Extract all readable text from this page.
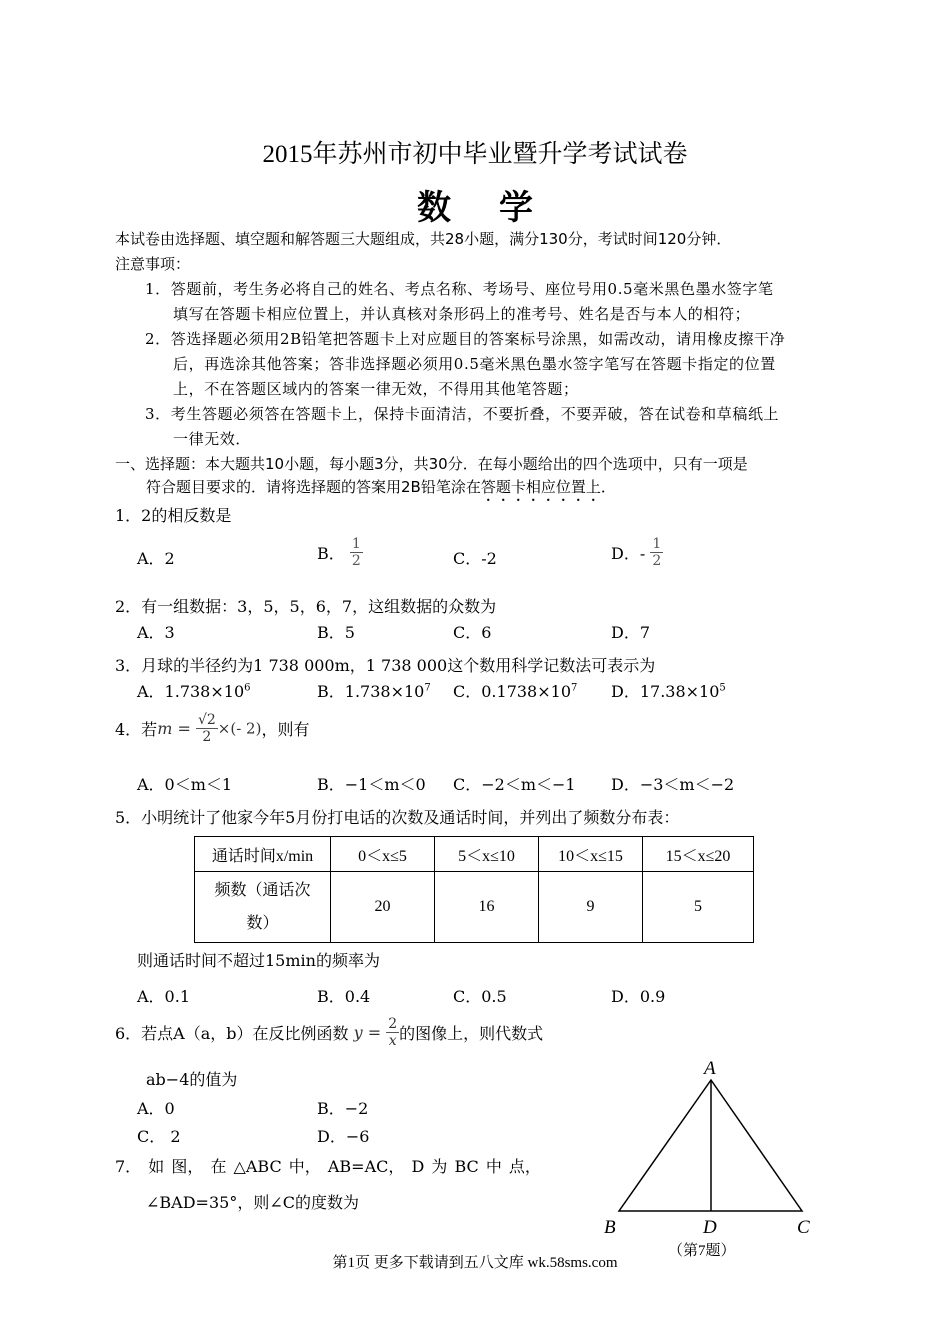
2015年苏州市初中毕业暨升学考试试卷
数学
本试卷由选择题、填空题和解答题三大题组成，共28小题，满分130分，考试时间120分钟．
注意事项：
1．答题前，考生务必将自己的姓名、考点名称、考场号、座位号用0.5毫米黑色墨水签字笔
填写在答题卡相应位置上，并认真核对条形码上的准考号、姓名是否与本人的相符；
2．答选择题必须用2B铅笔把答题卡上对应题目的答案标号涂黑，如需改动，请用橡皮擦干净
后，再选涂其他答案；答非选择题必须用0.5毫米黑色墨水签字笔写在答题卡指定的位置
上，不在答题区域内的答案一律无效，不得用其他笔答题；
3．考生答题必须答在答题卡上，保持卡面清洁，不要折叠，不要弄破，答在试卷和草稿纸上
一律无效．
一、选择题：本大题共10小题，每小题3分，共30分．在每小题给出的四个选项中，只有一项是
符合题目要求的．请将选择题的答案用2B铅笔涂在答题卡相应位置上．
1．2的相反数是
A．2	B． $\frac{1}{2}$	C．-2	D．- $\frac{1}{2}$
2．有一组数据：3，5，5，6，7，这组数据的众数为
A．3	B．5	C．6	D．7
3．月球的半径约为1 738 000m，1 738 000这个数用科学记数法可表示为
A．$1.738\times 10^6$	B．$1.738\times 10^7$ C．$0.1738\times 10^7$ D．$17.38\times 10^5$
4．若$m = \frac{√2}{2}$ ×(- 2)，则有
A．0＜m＜1	B．−1＜m＜0 C．−2＜m＜−1 D．−3＜m＜−2
5．小明统计了他家今年5月份打电话的次数及通话时间，并列出了频数分布表：
通话时间x/min	0＜x≤5	5＜x≤10	10＜x≤15	15＜x≤20

频数（通话次
数）	20	16	9	5
则通话时间不超过15min的频率为
A．0.1	B．0.4	C．0.5	D．0.9
6．若点A（a，b）在反比例函数 $y = \frac{2}{x}$ 的图像上，则代数式
ab−4的值为
A．0	B．−2
C． 2	D．−6
7． 如 图， 在 △ABC 中， AB=AC， D 为 BC 中 点，
∠BAD=35°，则∠C的度数为
A
B	D	C
（第7题）
第1页 更多下载请到五八文库 wk.58sms.com
